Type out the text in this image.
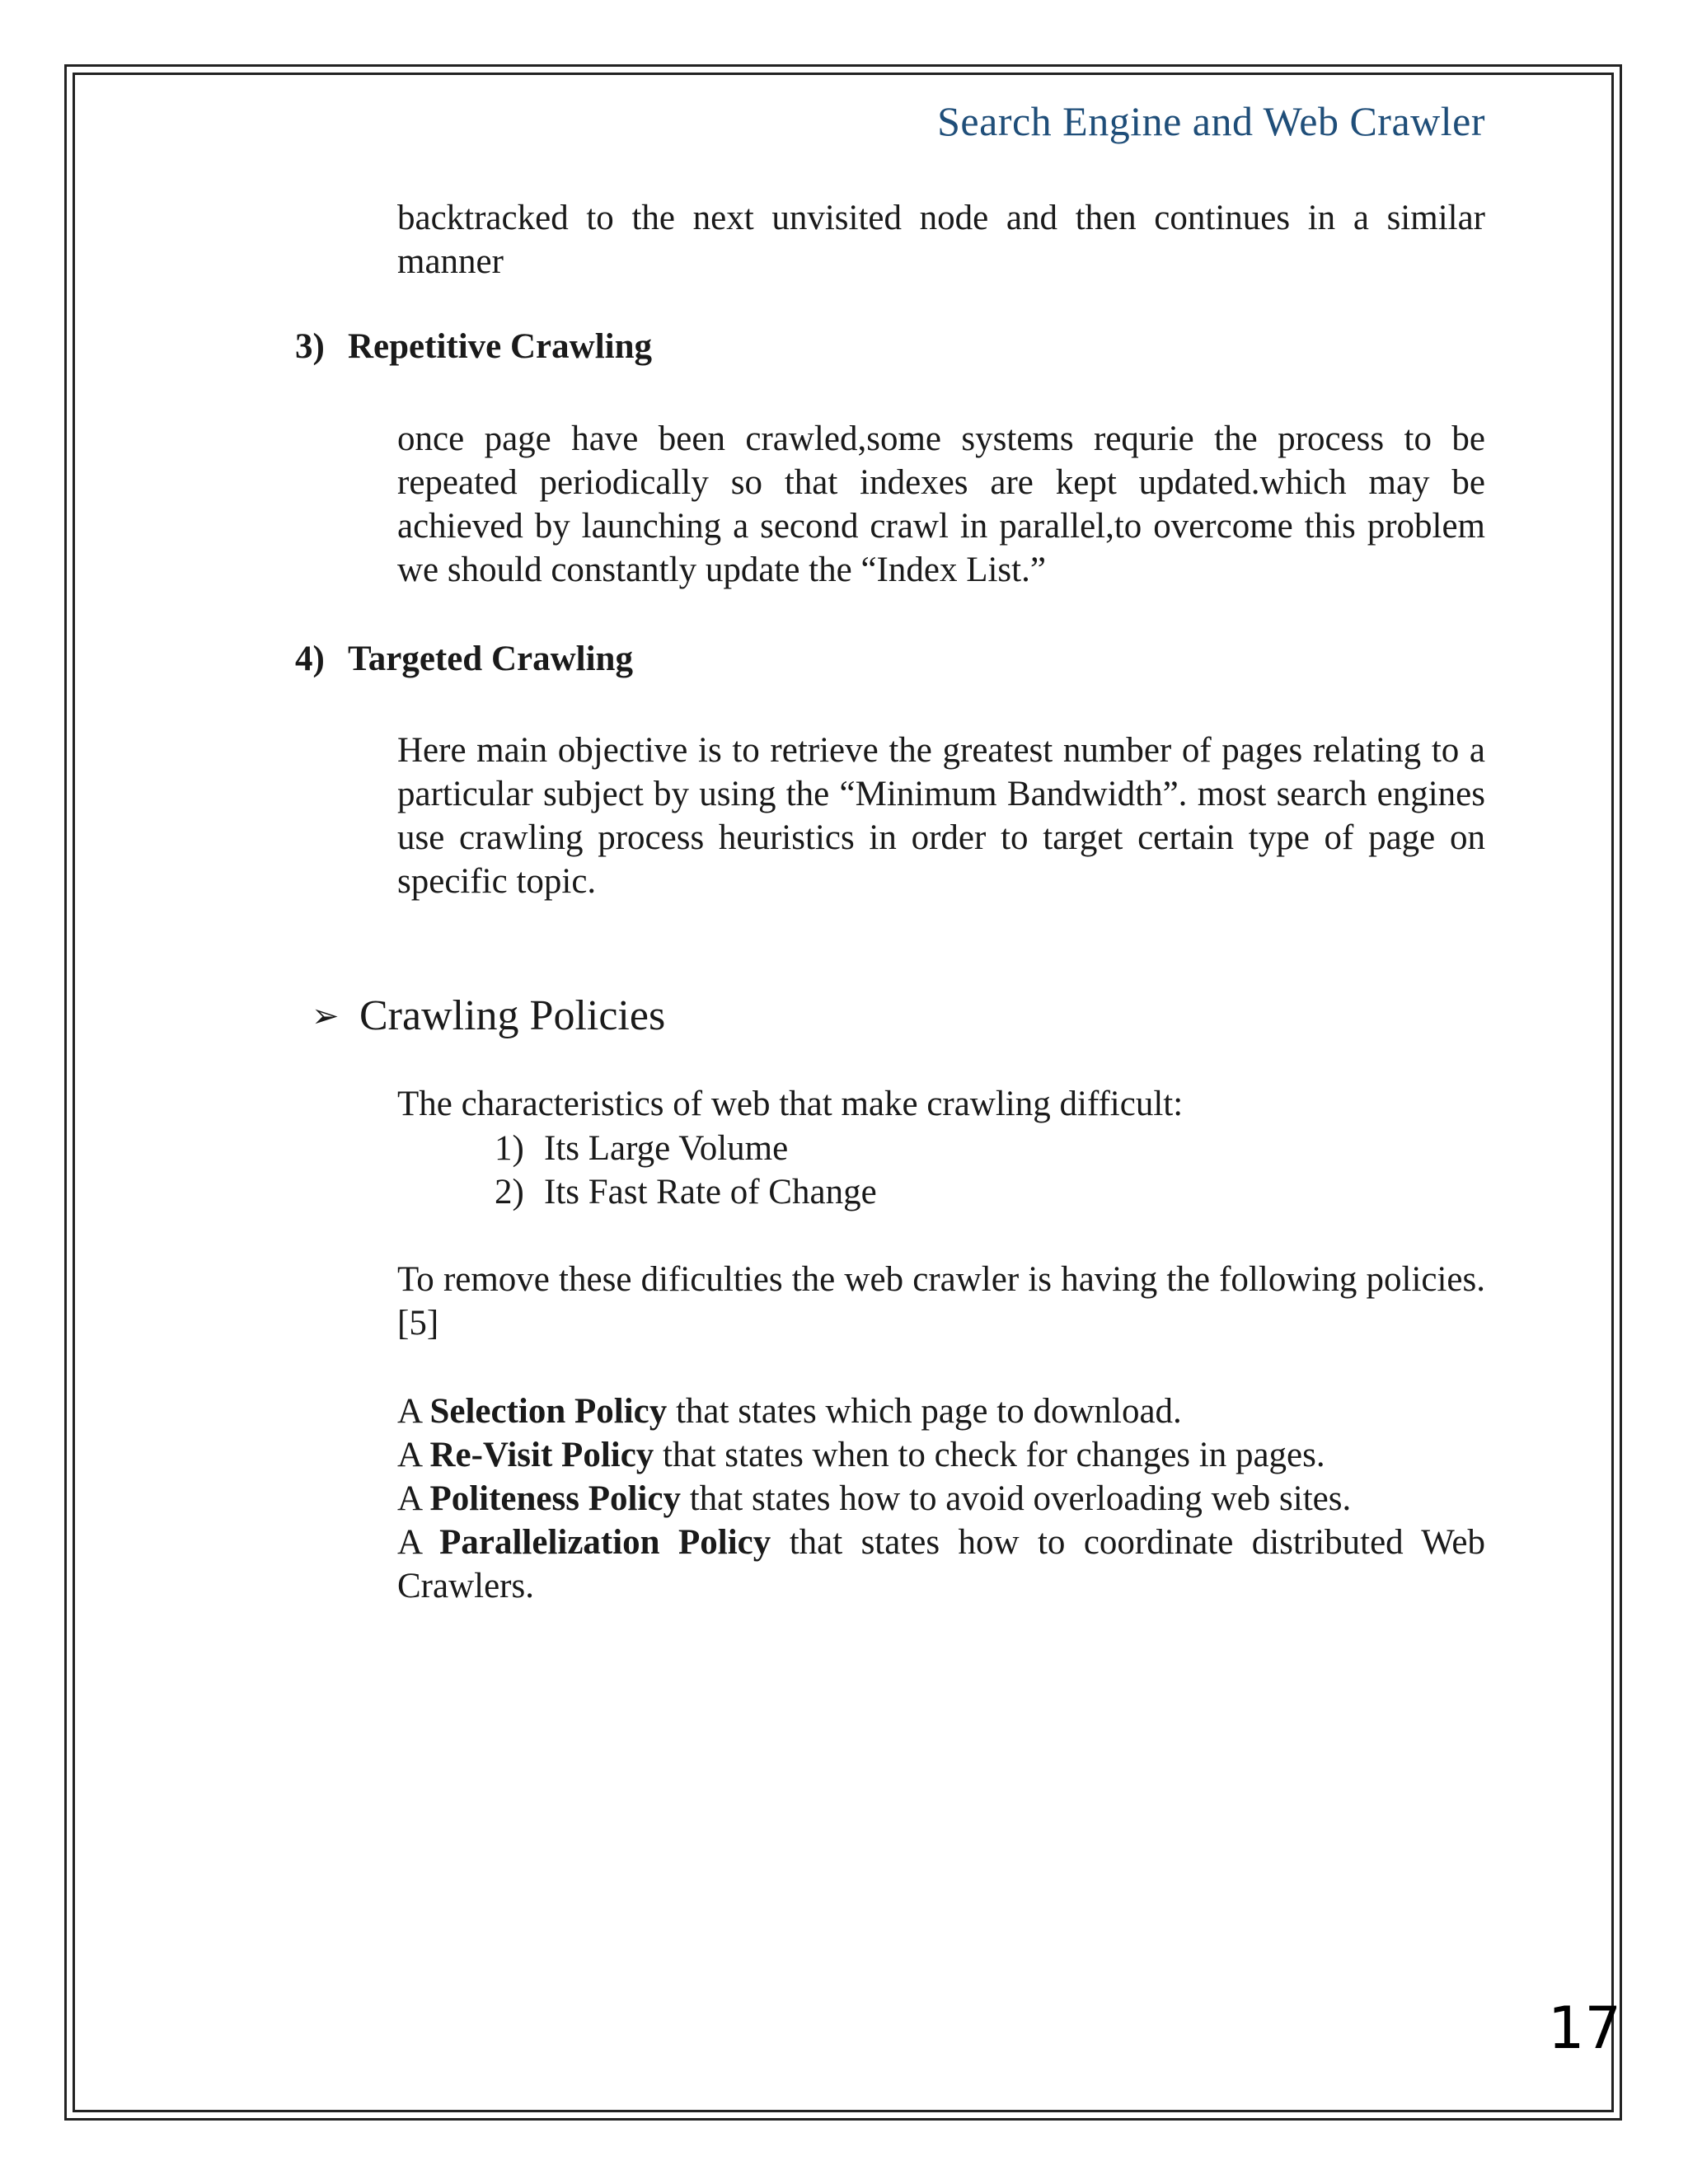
Search Engine and Web Crawler

backtracked to the next unvisited node and then continues in a similar manner

3) Repetitive Crawling

once page have been crawled,some systems requrie the process to be repeated periodically so that indexes are kept updated.which may be achieved by launching a second crawl in parallel,to overcome this problem we should constantly update the “Index List.”

4) Targeted Crawling

Here main objective is to retrieve the greatest number of pages relating to a particular subject by using the “Minimum Bandwidth”. most search engines use crawling process heuristics in order to target certain type of page on specific topic.

➢ Crawling Policies

The characteristics of web that make crawling difficult:

1) Its Large Volume
2) Its Fast Rate of Change

To remove these dificulties the web crawler is having the following policies. [5]

A Selection Policy that states which page to download.
A Re-Visit Policy that states when to check for changes in pages.
A Politeness Policy that states how to avoid overloading web sites.
A Parallelization Policy that states how to coordinate distributed Web Crawlers.
17
